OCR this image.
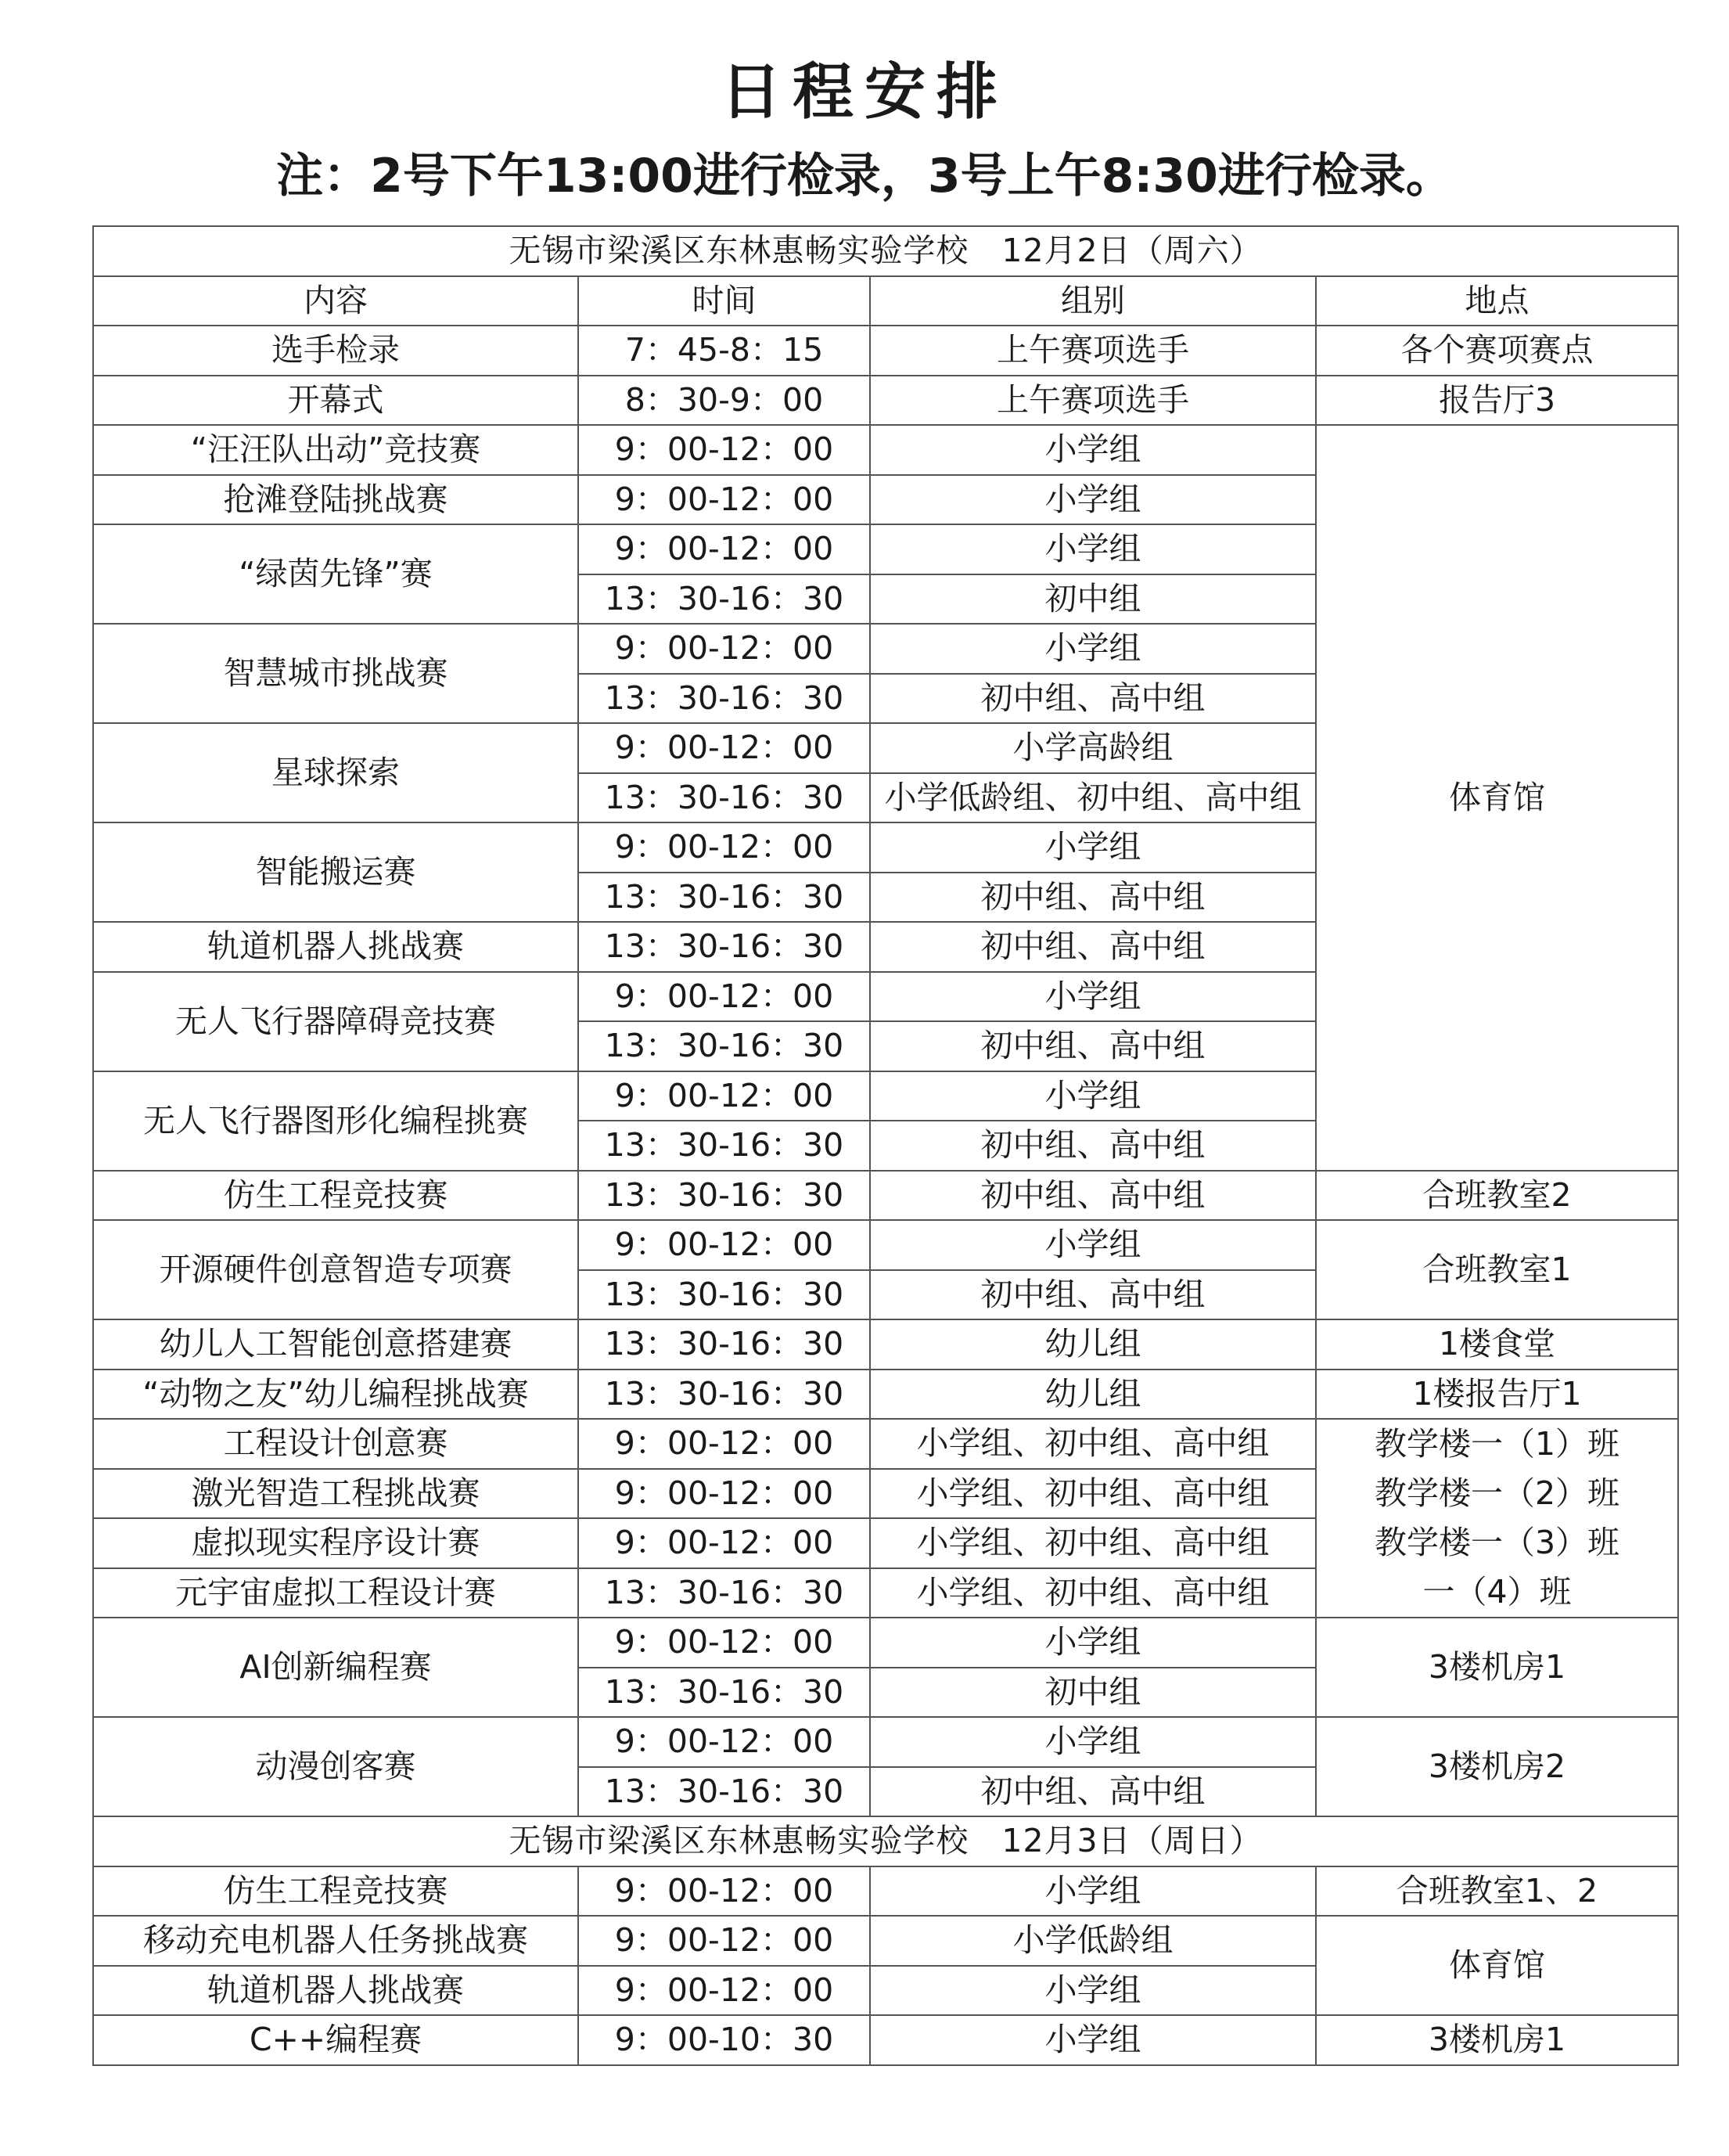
日程安排
注：2号下午13:00进行检录，3号上午8:30进行检录。
无锡市梁溪区东林惠畅实验学校　12月2日（周六）			
内容	时间	组别	地点
选手检录	7：45-8：15	上午赛项选手	各个赛项赛点
开幕式	8：30-9：00	上午赛项选手	报告厅3
“汪汪队出动”竞技赛	9：00-12：00	小学组	体育馆
抢滩登陆挑战赛	9：00-12：00	小学组	
“绿茵先锋”赛	9：00-12：00	小学组	
	13：30-16：30	初中组	
智慧城市挑战赛	9：00-12：00	小学组	
	13：30-16：30	初中组、高中组	
星球探索	9：00-12：00	小学高龄组	
	13：30-16：30	小学低龄组、初中组、高中组	
智能搬运赛	9：00-12：00	小学组	
	13：30-16：30	初中组、高中组	
轨道机器人挑战赛	13：30-16：30	初中组、高中组	
无人飞行器障碍竞技赛	9：00-12：00	小学组	
	13：30-16：30	初中组、高中组	
无人飞行器图形化编程挑赛	9：00-12：00	小学组	
	13：30-16：30	初中组、高中组	
仿生工程竞技赛	13：30-16：30	初中组、高中组	合班教室2
开源硬件创意智造专项赛	9：00-12：00	小学组	合班教室1
	13：30-16：30	初中组、高中组	
幼儿人工智能创意搭建赛	13：30-16：30	幼儿组	1楼食堂
“动物之友”幼儿编程挑战赛	13：30-16：30	幼儿组	1楼报告厅1
工程设计创意赛	9：00-12：00	小学组、初中组、高中组	教学楼一（1）班
激光智造工程挑战赛	9：00-12：00	小学组、初中组、高中组	教学楼一（2）班
虚拟现实程序设计赛	9：00-12：00	小学组、初中组、高中组	教学楼一（3）班
元宇宙虚拟工程设计赛	13：30-16：30	小学组、初中组、高中组	一（4）班
AI创新编程赛	9：00-12：00	小学组	3楼机房1
	13：30-16：30	初中组	
动漫创客赛	9：00-12：00	小学组	3楼机房2
	13：30-16：30	初中组、高中组	
无锡市梁溪区东林惠畅实验学校　12月3日（周日）			
仿生工程竞技赛	9：00-12：00	小学组	合班教室1、2
移动充电机器人任务挑战赛	9：00-12：00	小学低龄组	体育馆
轨道机器人挑战赛	9：00-12：00	小学组	
C++编程赛	9：00-10：30	小学组	3楼机房1
